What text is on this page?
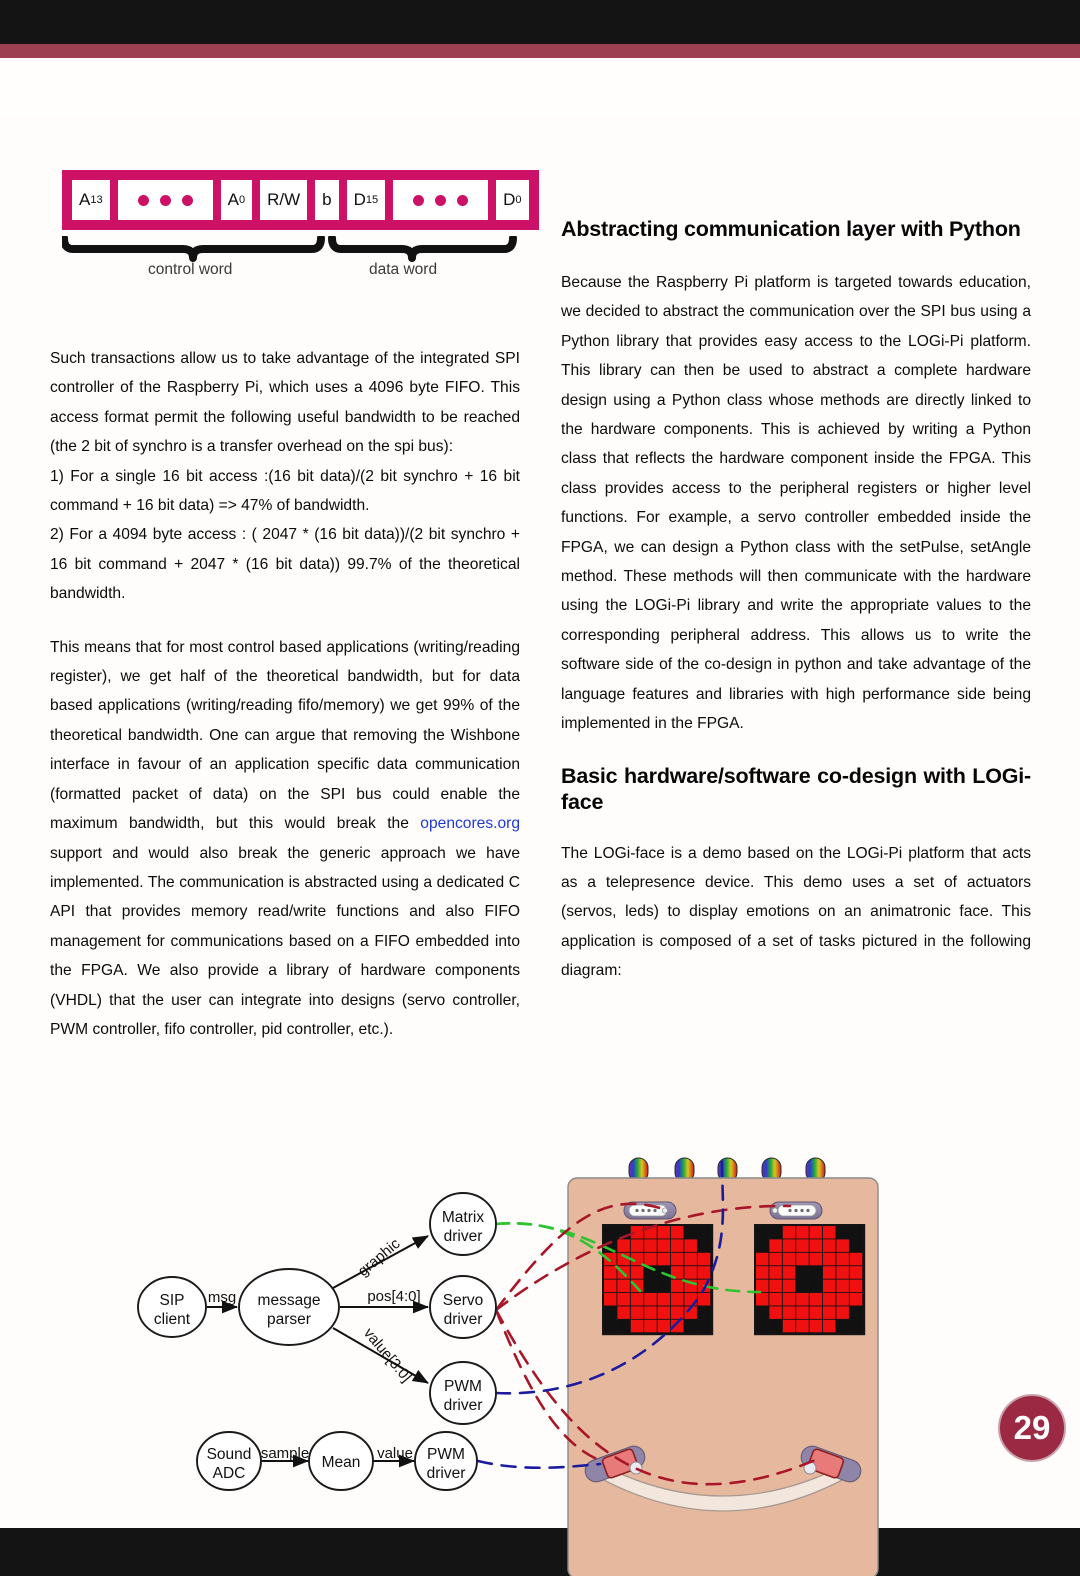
A 13	A 0	R/W	b	D 15	D 0
control word	data word

Such transactions allow us to take advantage of the integrated SPI controller of the Raspberry Pi, which uses a 4096 byte FIFO. This access format permit the following useful bandwidth to be reached (the 2 bit of synchro is a transfer overhead on the spi bus):

1) For a single 16 bit access :(16 bit data)/(2 bit synchro + 16 bit command + 16 bit data) => 47% of bandwidth.

2) For a 4094 byte access : ( 2047 * (16 bit data))/(2 bit synchro + 16 bit command + 2047 * (16 bit data)) 99.7% of the theoretical bandwidth.

This means that for most control based applications (writing/reading register), we get half of the theoretical bandwidth, but for data based applications (writing/reading fifo/memory) we get 99% of the theoretical bandwidth. One can argue that removing the Wishbone interface in favour of an application specific data communication (formatted packet of data) on the SPI bus could enable the maximum bandwidth, but this would break the opencores.org support and would also break the generic approach we have implemented. The communication is abstracted using a dedicated C API that provides memory read/write functions and also FIFO management for communications based on a FIFO embedded into the FPGA. We also provide a library of hardware components (VHDL) that the user can integrate into designs (servo controller, PWM controller, fifo controller, pid controller, etc.).

Abstracting communication layer with Python

Because the Raspberry Pi platform is targeted towards education, we decided to abstract the communication over the SPI bus using a Python library that provides easy access to the LOGi-Pi platform. This library can then be used to abstract a complete hardware design using a Python class whose methods are directly linked to the hardware components. This is achieved by writing a Python class that reflects the hardware component inside the FPGA. This class provides access to the peripheral registers or higher level functions. For example, a servo controller embedded inside the FPGA, we can design a Python class with the setPulse, setAngle method. These methods will then communicate with the hardware using the LOGi-Pi library and write the appropriate values to the corresponding peripheral address. This allows us to write the software side of the co-design in python and take advantage of the language features and libraries with high performance side being implemented in the FPGA.

Basic hardware/software co-design with LOGi-face

The LOGi-face is a demo based on the LOGi-Pi platform that acts as a telepresence device. This demo uses a set of actuators (servos, leds) to display emotions on an animatronic face. This application is composed of a set of tasks pictured in the following diagram:

SIP
client
message
parser
Matrix
driver
Servo
driver
PWM
driver
Sound
ADC
Mean	PWM
driver
msg
graphic
pos[4:0]
value[3:0]
sample	value
29
